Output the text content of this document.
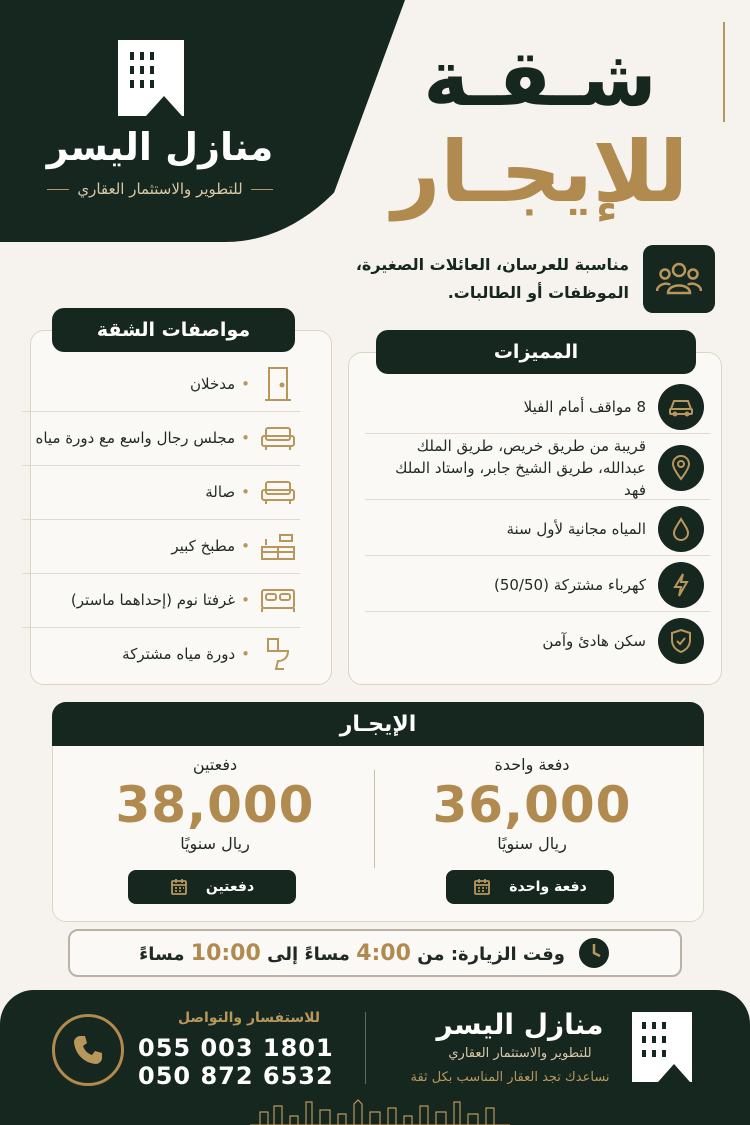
منازل اليسر
للتطوير والاستثمار العقاري
شـقـة
للإيجـار
مناسبة للعرسان، العائلات الصغيرة، الموظفات أو الطالبات.
مواصفات الشقة
•مدخلان
•مجلس رجال واسع مع دورة مياه
•صالة
•مطبخ كبير
•غرفتا نوم (إحداهما ماستر)
•دورة مياه مشتركة
المميزات
8 مواقف أمام الفيلا
قريبة من طريق خريص، طريق الملك عبدالله، طريق الشيخ جابر، واستاد الملك فهد
المياه مجانية لأول سنة
كهرباء مشتركة (50/50)
سكن هادئ وآمن
الإيجـار
دفعة واحدة
36,000
ريال سنويًا
دفعتين
38,000
ريال سنويًا
دفعة واحدة
دفعتين
وقت الزيارة: من 4:00 مساءً إلى 10:00 مساءً
منازل اليسر
للتطوير والاستثمار العقاري
نساعدك تجد العقار المناسب بكل ثقة
للاستفسار والتواصل
055 003 1801
050 872 6532
